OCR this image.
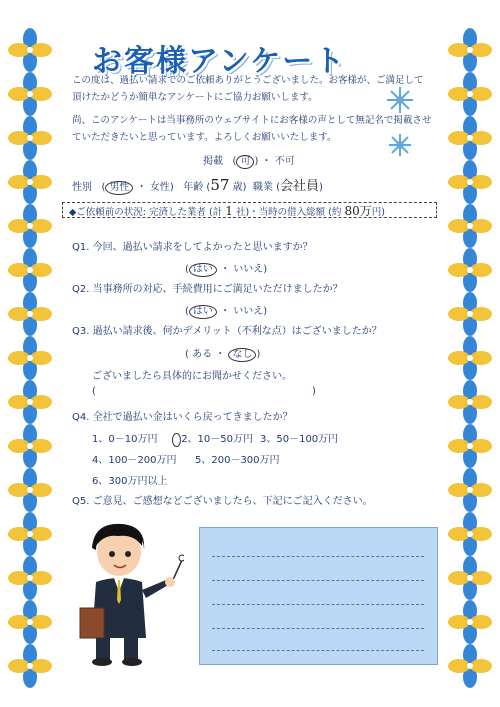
お客様アンケート
この度は、過払い請求でのご依頼ありがとうございました。お客様が、ご満足して頂けたかどうか簡単なアンケートにご協力お願いします。
尚、このアンケートは当事務所のウェブサイトにお客様の声として無記名で掲載させていただきたいと思っています。よろしくお願いいたします。
掲載   ( 可 ) ・ 不可
性別   ( 男性 ・ 女性)   年齢 (57 歳) 職業 (会社員)
◆ご依頼前の状況: 完済した業者 (計 1 社)・当時の借入総額 (約 80万円)
Q1. 今回、過払い請求をしてよかったと思いますか？
( はい ・ いいえ)
Q2. 当事務所の対応、手続費用にご満足いただけましたか？
( はい ・ いいえ)
Q3. 過払い請求後、何かデメリット（不利な点）はございましたか？
( ある ・ なし )
ございましたら具体的にお聞かせください。
(	)
Q4. 全社で過払い金はいくら戻ってきましたか？
1、0－10万円	2、10－50万円 3、50－100万円
4、100－200万円 5、200－300万円
6、300万円以上
Q5. ご意見、ご感想などございましたら、下記にご記入ください。
